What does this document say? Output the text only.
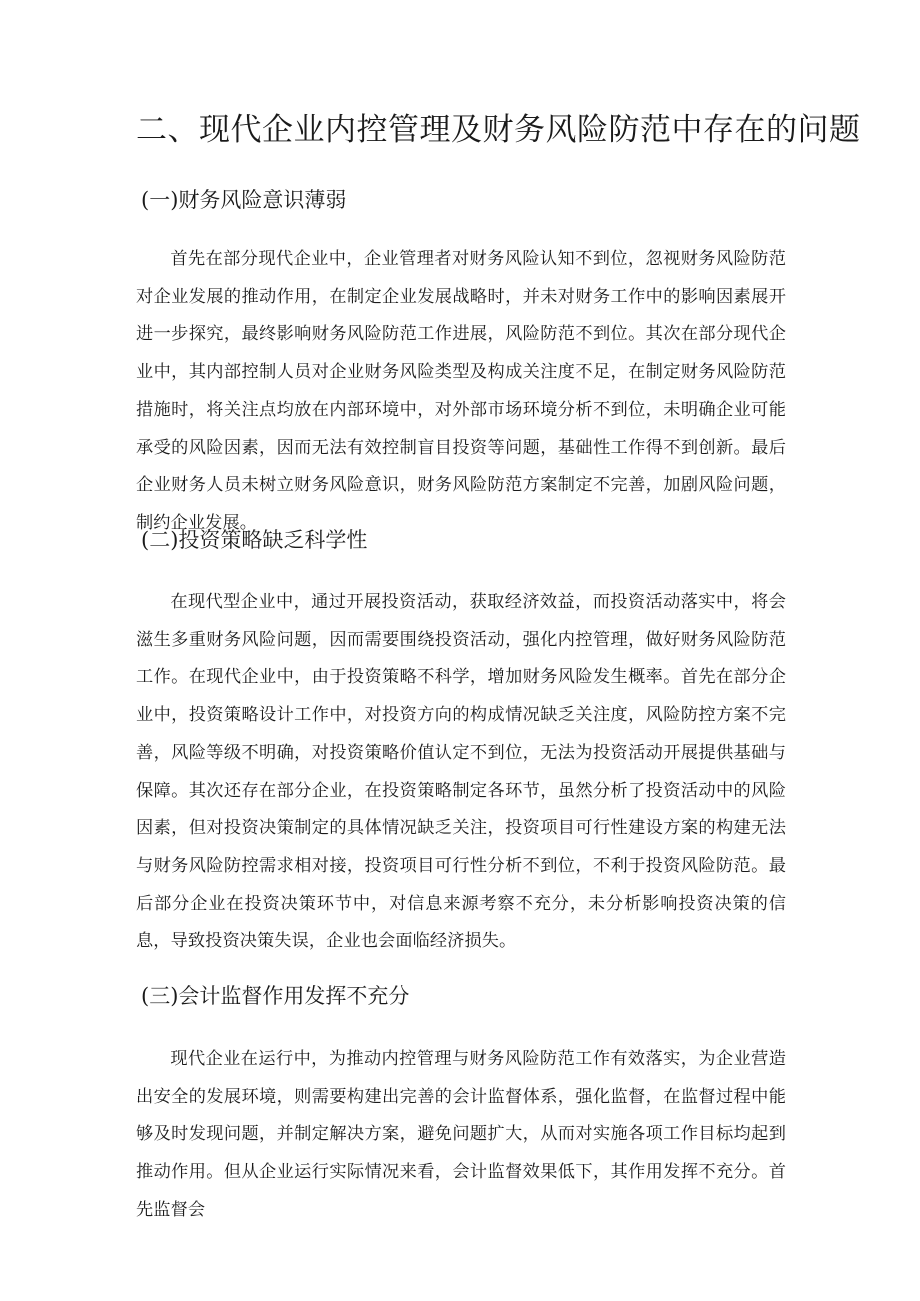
二、现代企业内控管理及财务风险防范中存在的问题
(一)财务风险意识薄弱

首先在部分现代企业中，企业管理者对财务风险认知不到位，忽视财务风险防范对企业发展的推动作用，在制定企业发展战略时，并未对财务工作中的影响因素展开进一步探究，最终影响财务风险防范工作进展，风险防范不到位。其次在部分现代企业中，其内部控制人员对企业财务风险类型及构成关注度不足，在制定财务风险防范措施时，将关注点均放在内部环境中，对外部市场环境分析不到位，未明确企业可能承受的风险因素，因而无法有效控制盲目投资等问题，基础性工作得不到创新。最后企业财务人员未树立财务风险意识，财务风险防范方案制定不完善，加剧风险问题，制约企业发展。

(二)投资策略缺乏科学性

在现代型企业中，通过开展投资活动，获取经济效益，而投资活动落实中，将会滋生多重财务风险问题，因而需要围绕投资活动，强化内控管理，做好财务风险防范工作。在现代企业中，由于投资策略不科学，增加财务风险发生概率。首先在部分企业中，投资策略设计工作中，对投资方向的构成情况缺乏关注度，风险防控方案不完善，风险等级不明确，对投资策略价值认定不到位，无法为投资活动开展提供基础与保障。其次还存在部分企业，在投资策略制定各环节，虽然分析了投资活动中的风险因素，但对投资决策制定的具体情况缺乏关注，投资项目可行性建设方案的构建无法与财务风险防控需求相对接，投资项目可行性分析不到位，不利于投资风险防范。最后部分企业在投资决策环节中，对信息来源考察不充分，未分析影响投资决策的信息，导致投资决策失误，企业也会面临经济损失。

(三)会计监督作用发挥不充分

现代企业在运行中，为推动内控管理与财务风险防范工作有效落实，为企业营造出安全的发展环境，则需要构建出完善的会计监督体系，强化监督，在监督过程中能够及时发现问题，并制定解决方案，避免问题扩大，从而对实施各项工作目标均起到推动作用。但从企业运行实际情况来看，会计监督效果低下，其作用发挥不充分。首先监督会
